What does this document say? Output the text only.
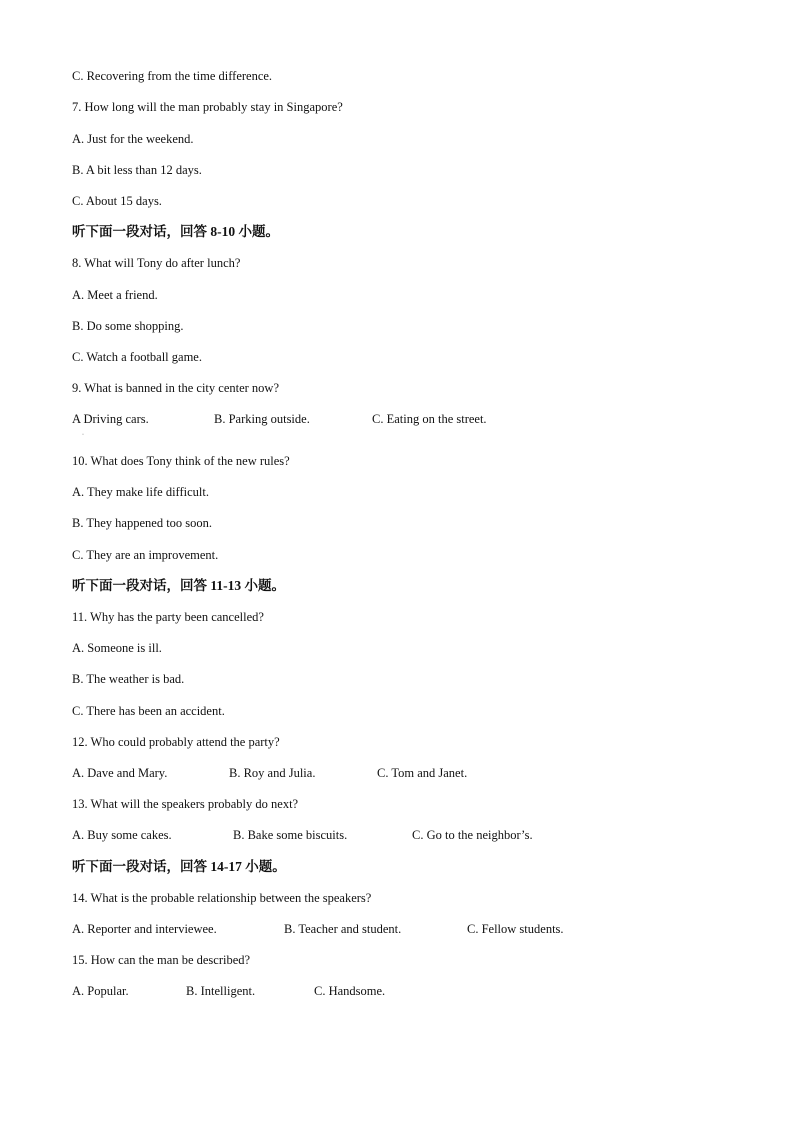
C. Recovering from the time difference.
7. How long will the man probably stay in Singapore?
A. Just for the weekend.
B. A bit less than 12 days.
C. About 15 days.
听下面一段对话，回答 8-10 小题。
8. What will Tony do after lunch?
A. Meet a friend.
B. Do some shopping.
C. Watch a football game.
9. What is banned in the city center now?
A Driving cars.	B. Parking outside.	C. Eating on the street.
·
10. What does Tony think of the new rules?
A. They make life difficult.
B. They happened too soon.
C. They are an improvement.
听下面一段对话，回答 11-13 小题。
11. Why has the party been cancelled?
A. Someone is ill.
B. The weather is bad.
C. There has been an accident.
12. Who could probably attend the party?
A. Dave and Mary.	B. Roy and Julia.	C. Tom and Janet.
13. What will the speakers probably do next?
A. Buy some cakes.	B. Bake some biscuits.	C. Go to the neighbor’s.
听下面一段对话，回答 14-17 小题。
14. What is the probable relationship between the speakers?
A. Reporter and interviewee.	B. Teacher and student.	C. Fellow students.
15. How can the man be described?
A. Popular.	B. Intelligent.	C. Handsome.
